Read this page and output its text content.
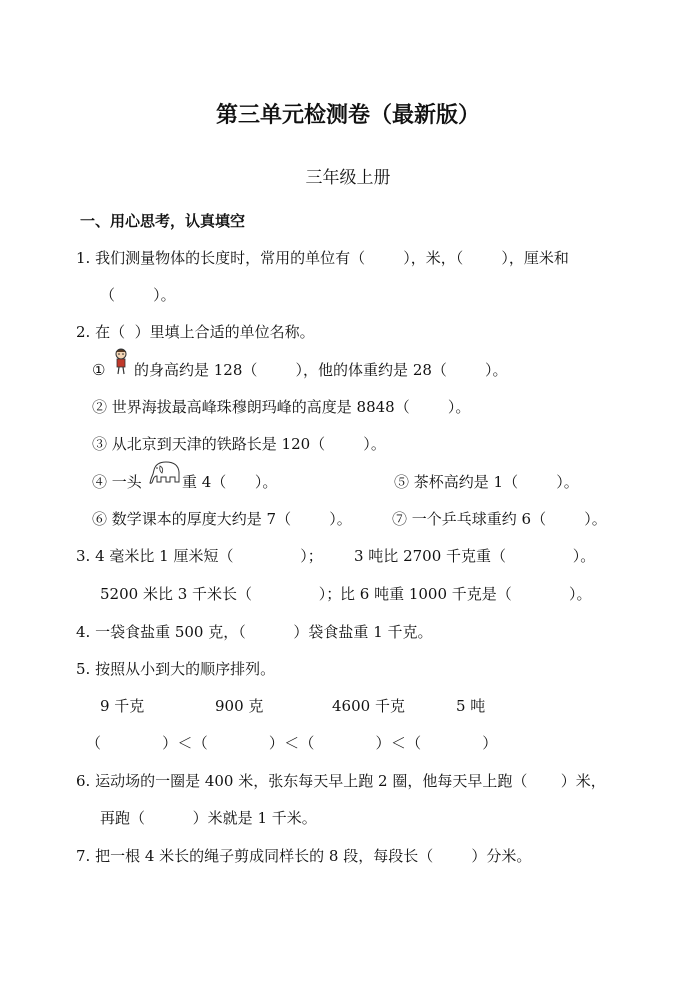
第三单元检测卷（最新版）
三年级上册
一、用心思考，认真填空
1. 我们测量物体的长度时，常用的单位有（        ），米，（        ），厘米和
（        ）。
2. 在（  ）里填上合适的单位名称。
① 的身高约是 128（        ），他的体重约是 28（        ）。
② 世界海拔最高峰珠穆朗玛峰的高度是 8848（        ）。
③ 从北京到天津的铁路长是 120（        ）。
④ 一头	重 4（      ）。	⑤ 茶杯高约是 1（        ）。
⑥ 数学课本的厚度大约是 7（        ）。	⑦ 一个乒乓球重约 6（        ）。
3. 4 毫米比 1 厘米短（              ）； 3 吨比 2700 千克重（              ）。
5200 米比 3 千米长（              ）；
比 6 吨重 1000 千克是（            ）。
4. 一袋食盐重 500 克，（          ）袋食盐重 1 千克。
5. 按照从小到大的顺序排列。
9 千克	900 克	4600 千克	5 吨
（            ）＜（            ）＜（            ）＜（            ）
6. 运动场的一圈是 400 米，张东每天早上跑 2 圈，他每天早上跑（       ）米，
再跑（          ）米就是 1 千米。
7. 把一根 4 米长的绳子剪成同样长的 8 段，每段长（        ）分米。
